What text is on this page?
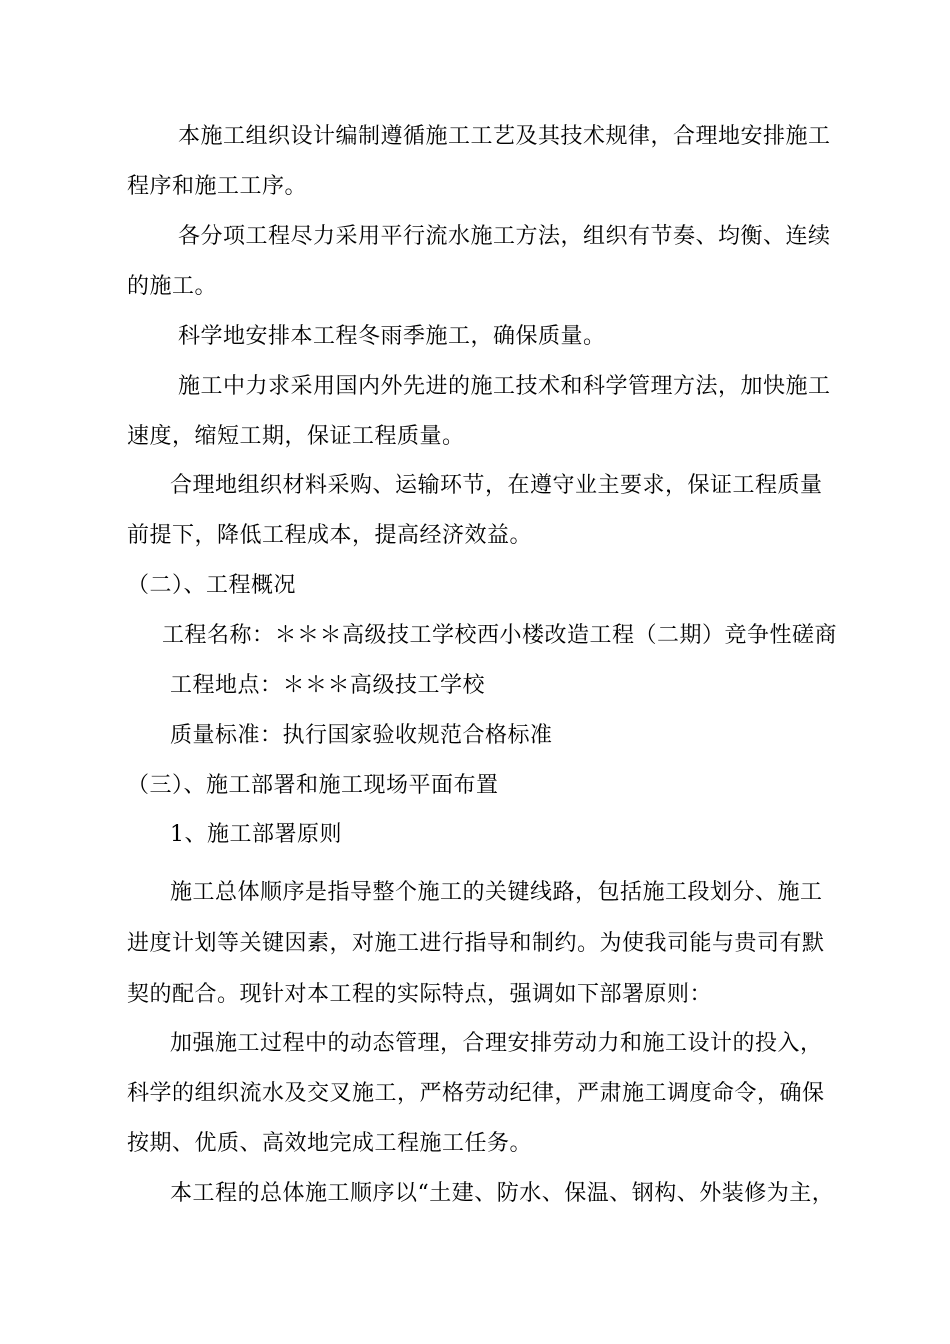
本施工组织设计编制遵循施工工艺及其技术规律，合理地安排施工
程序和施工工序。
各分项工程尽力采用平行流水施工方法，组织有节奏、均衡、连续
的施工。
科学地安排本工程冬雨季施工，确保质量。
施工中力求采用国内外先进的施工技术和科学管理方法，加快施工
速度，缩短工期，保证工程质量。
合理地组织材料采购、运输环节，在遵守业主要求，保证工程质量
前提下，降低工程成本，提高经济效益。
（二）、工程概况
工程名称：＊＊＊高级技工学校西小楼改造工程（二期）竞争性磋商
工程地点：＊＊＊高级技工学校
质量标准：执行国家验收规范合格标准
（三）、施工部署和施工现场平面布置
1、施工部署原则
施工总体顺序是指导整个施工的关键线路，包括施工段划分、施工
进度计划等关键因素，对施工进行指导和制约。为使我司能与贵司有默
契的配合。现针对本工程的实际特点，强调如下部署原则：
加强施工过程中的动态管理，合理安排劳动力和施工设计的投入，
科学的组织流水及交叉施工，严格劳动纪律，严肃施工调度命令，确保
按期、优质、高效地完成工程施工任务。
本工程的总体施工顺序以“土建、防水、保温、钢构、外装修为主，
